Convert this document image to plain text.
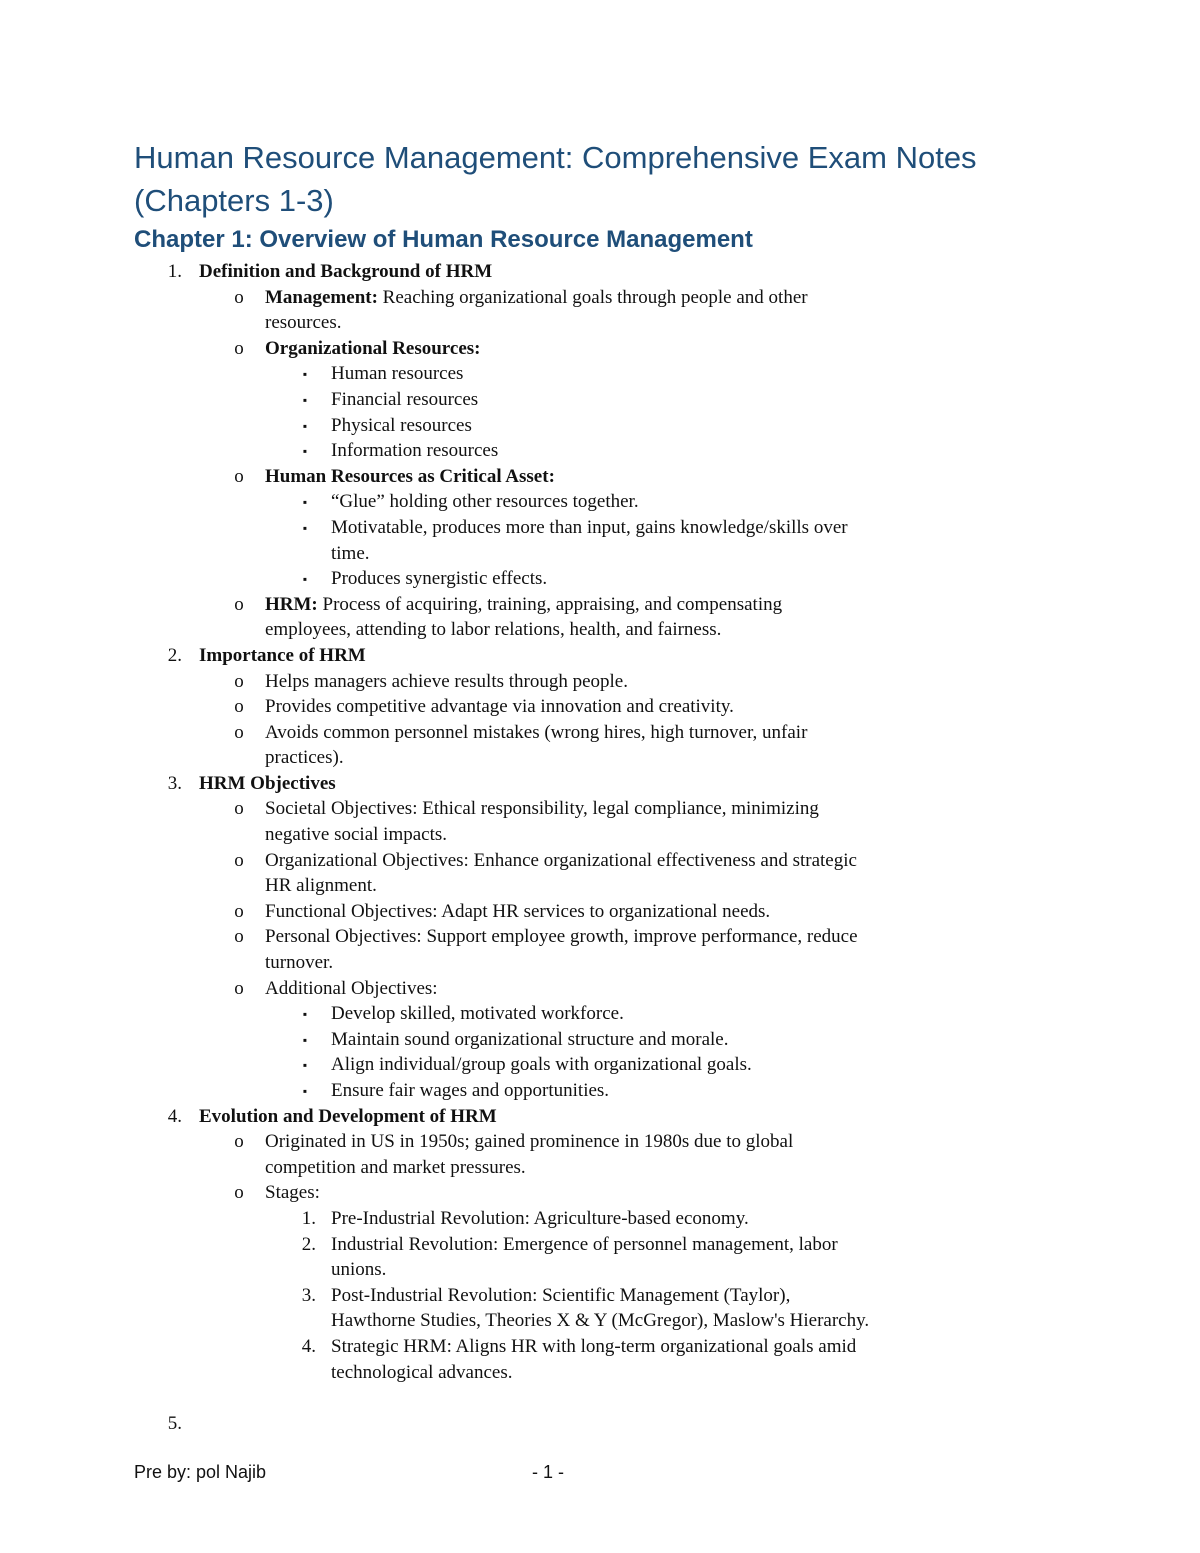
Human Resource Management: Comprehensive Exam Notes (Chapters 1-3)
Chapter 1: Overview of Human Resource Management
1. Definition and Background of HRM
o Management: Reaching organizational goals through people and other
resources.
o Organizational Resources:
▪ Human resources
▪ Financial resources
▪ Physical resources
▪ Information resources
o Human Resources as Critical Asset:
▪ “Glue” holding other resources together.
▪ Motivatable, produces more than input, gains knowledge/skills over
time.
▪ Produces synergistic effects.
o HRM: Process of acquiring, training, appraising, and compensating
employees, attending to labor relations, health, and fairness.
2. Importance of HRM
o Helps managers achieve results through people.
o Provides competitive advantage via innovation and creativity.
o Avoids common personnel mistakes (wrong hires, high turnover, unfair
practices).
3. HRM Objectives
o Societal Objectives: Ethical responsibility, legal compliance, minimizing
negative social impacts.
o Organizational Objectives: Enhance organizational effectiveness and strategic
HR alignment.
o Functional Objectives: Adapt HR services to organizational needs.
o Personal Objectives: Support employee growth, improve performance, reduce
turnover.
o Additional Objectives:
▪ Develop skilled, motivated workforce.
▪ Maintain sound organizational structure and morale.
▪ Align individual/group goals with organizational goals.
▪ Ensure fair wages and opportunities.
4. Evolution and Development of HRM
o Originated in US in 1950s; gained prominence in 1980s due to global
competition and market pressures.
o Stages:
1. Pre-Industrial Revolution: Agriculture-based economy.
2. Industrial Revolution: Emergence of personnel management, labor
unions.
3. Post-Industrial Revolution: Scientific Management (Taylor),
Hawthorne Studies, Theories X & Y (McGregor), Maslow's Hierarchy.
4. Strategic HRM: Aligns HR with long-term organizational goals amid
technological advances.
5.
Pre by: pol Najib	- 1 -
